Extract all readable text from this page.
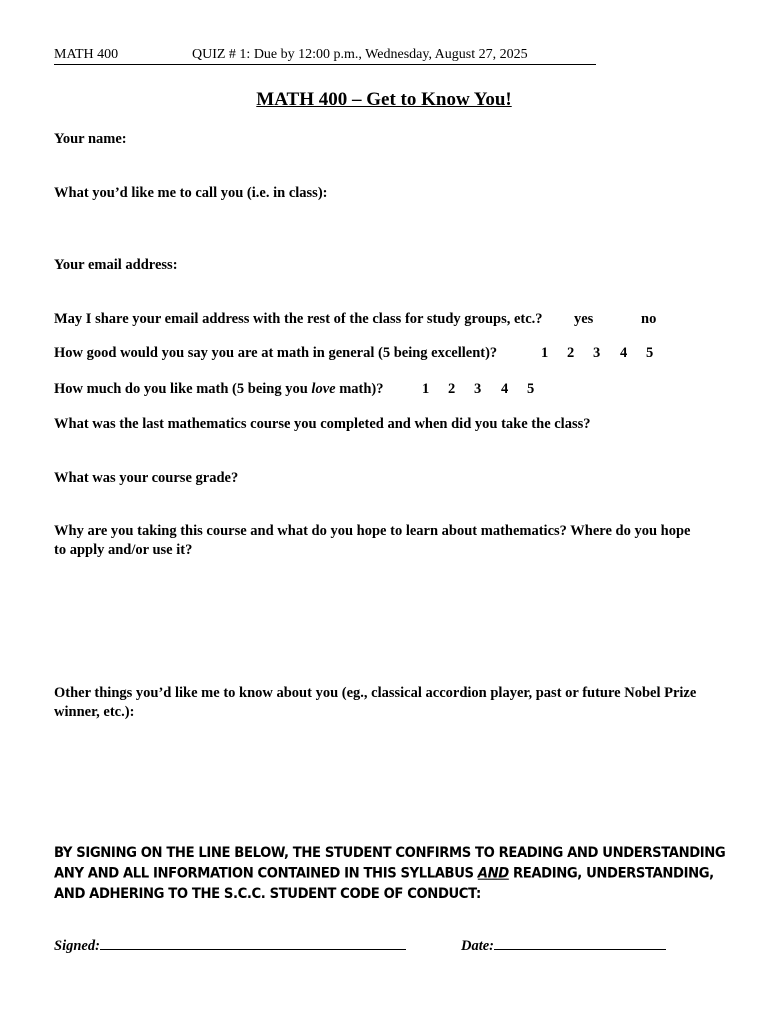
MATH 400	QUIZ # 1: Due by 12:00 p.m., Wednesday, August 27, 2025
MATH 400 – Get to Know You!
Your name:
What you’d like me to call you (i.e. in class):
Your email address:
May I share your email address with the rest of the class for study groups, etc.? yes	no
How good would you say you are at math in general (5 being excellent)?	1 2 3 4 5
How much do you like math (5 being you love math)?	1 2 3 4 5
What was the last mathematics course you completed and when did you take the class?
What was your course grade?
Why are you taking this course and what do you hope to learn about mathematics? Where do you hope to apply and/or use it?
Other things you’d like me to know about you (eg., classical accordion player, past or future Nobel Prize winner, etc.):
BY SIGNING ON THE LINE BELOW, THE STUDENT CONFIRMS TO READING AND UNDERSTANDING ANY AND ALL INFORMATION CONTAINED IN THIS SYLLABUS AND READING, UNDERSTANDING, AND ADHERING TO THE S.C.C. STUDENT CODE OF CONDUCT:
Signed:	Date:
